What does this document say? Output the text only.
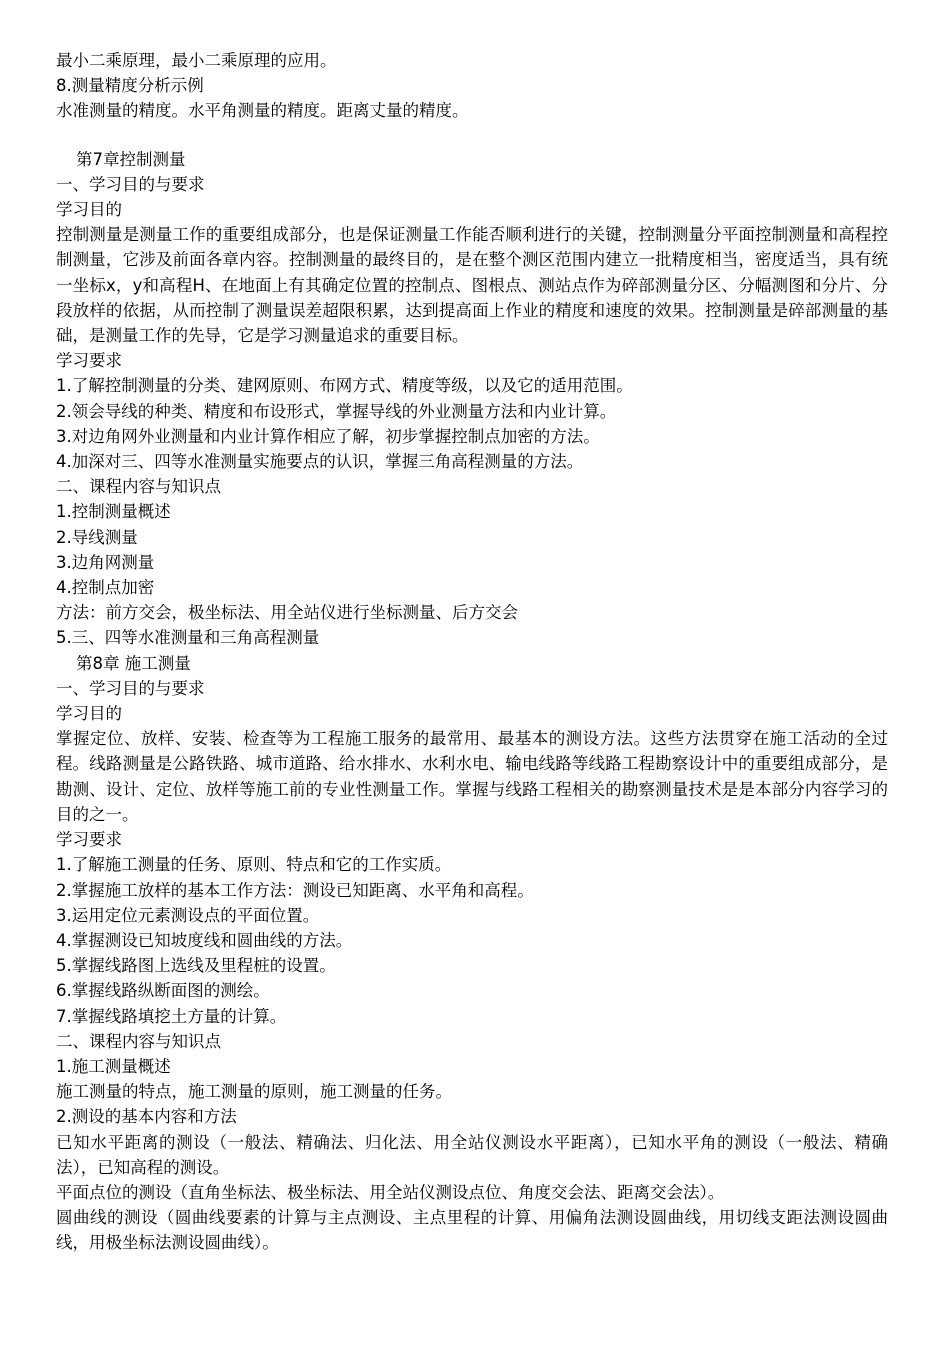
最小二乘原理，最小二乘原理的应用。

8.测量精度分析示例

水准测量的精度。水平角测量的精度。距离丈量的精度。

第7章控制测量

一、学习目的与要求

学习目的

控制测量是测量工作的重要组成部分，也是保证测量工作能否顺利进行的关键，控制测量分平面控制测量和高程控制测量，它涉及前面各章内容。控制测量的最终目的，是在整个测区范围内建立一批精度相当，密度适当，具有统一坐标x，y和高程H、在地面上有其确定位置的控制点、图根点、测站点作为碎部测量分区、分幅测图和分片、分段放样的依据，从而控制了测量误差超限积累，达到提高面上作业的精度和速度的效果。控制测量是碎部测量的基础，是测量工作的先导，它是学习测量追求的重要目标。

学习要求

1.了解控制测量的分类、建网原则、布网方式、精度等级，以及它的适用范围。

2.领会导线的种类、精度和布设形式，掌握导线的外业测量方法和内业计算。

3.对边角网外业测量和内业计算作相应了解，初步掌握控制点加密的方法。

4.加深对三、四等水准测量实施要点的认识，掌握三角高程测量的方法。

二、课程内容与知识点

1.控制测量概述

2.导线测量

3.边角网测量

4.控制点加密

方法：前方交会，极坐标法、用全站仪进行坐标测量、后方交会

5.三、四等水准测量和三角高程测量

第8章 施工测量

一、学习目的与要求

学习目的

掌握定位、放样、安装、检查等为工程施工服务的最常用、最基本的测设方法。这些方法贯穿在施工活动的全过程。线路测量是公路铁路、城市道路、给水排水、水利水电、输电线路等线路工程勘察设计中的重要组成部分，是勘测、设计、定位、放样等施工前的专业性测量工作。掌握与线路工程相关的勘察测量技术是是本部分内容学习的目的之一。

学习要求

1.了解施工测量的任务、原则、特点和它的工作实质。

2.掌握施工放样的基本工作方法：测设已知距离、水平角和高程。

3.运用定位元素测设点的平面位置。

4.掌握测设已知坡度线和圆曲线的方法。

5.掌握线路图上选线及里程桩的设置。

6.掌握线路纵断面图的测绘。

7.掌握线路填挖土方量的计算。

二、课程内容与知识点

1.施工测量概述

施工测量的特点，施工测量的原则，施工测量的任务。

2.测设的基本内容和方法

已知水平距离的测设（一般法、精确法、归化法、用全站仪测设水平距离），已知水平角的测设（一般法、精确法），已知高程的测设。

平面点位的测设（直角坐标法、极坐标法、用全站仪测设点位、角度交会法、距离交会法）。

圆曲线的测设（圆曲线要素的计算与主点测设、主点里程的计算、用偏角法测设圆曲线，用切线支距法测设圆曲线，用极坐标法测设圆曲线）。
